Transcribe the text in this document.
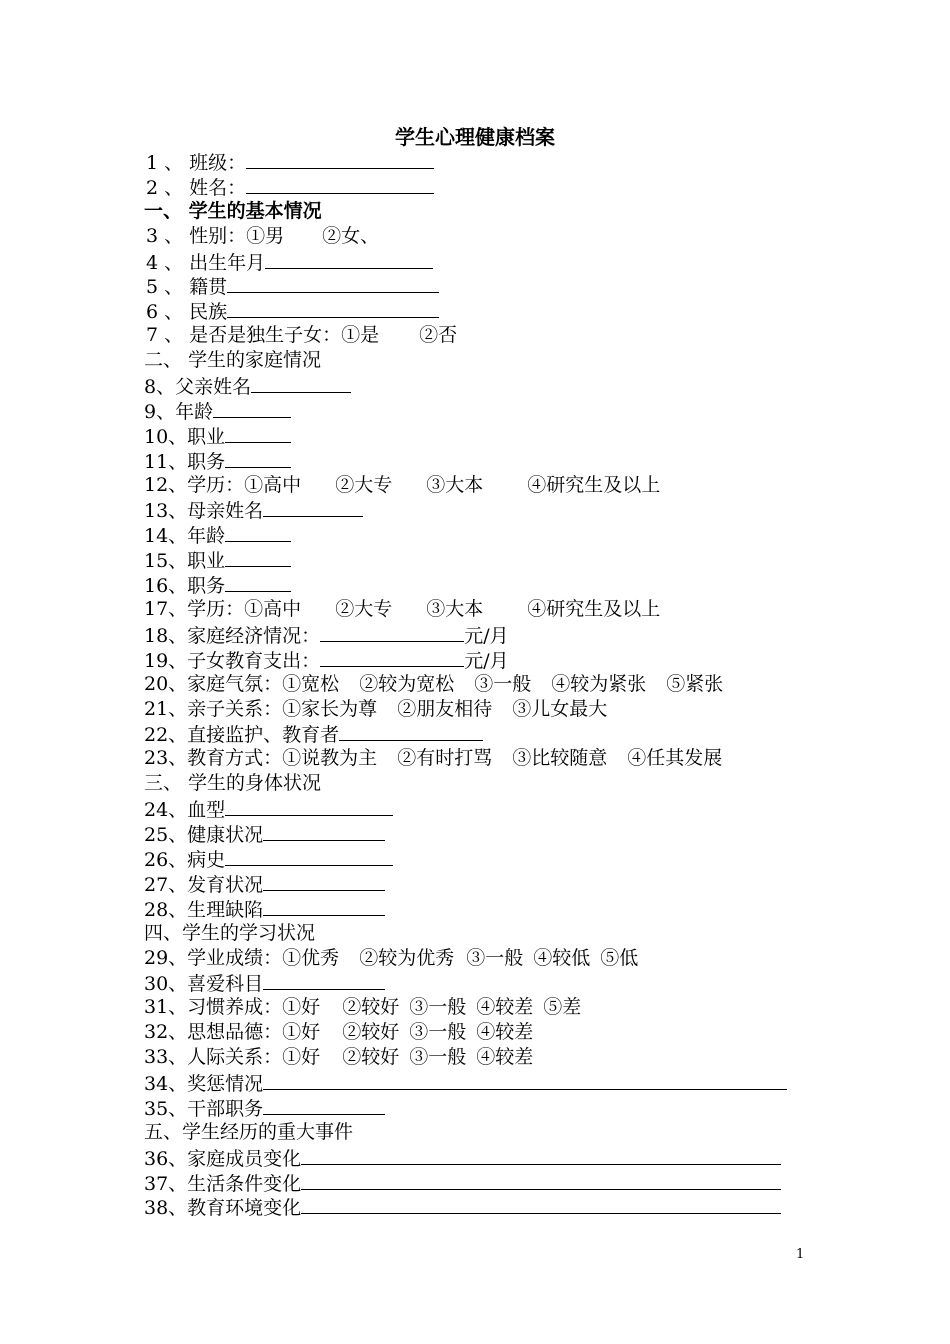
学生心理健康档案
1 、 班级：
2 、 姓名：
一、 学生的基本情况
3 、 性别：①男 ②女、
4 、 出生年月
5 、 籍贯
6 、 民族
7 、 是否是独生子女：①是 ②否
二、 学生的家庭情况
8、父亲姓名
9、年龄
10、职业
11、职务
12、学历：①高中 ②大专 ③大本 ④研究生及以上
13、母亲姓名
14、年龄
15、职业
16、职务
17、学历：①高中 ②大专 ③大本 ④研究生及以上
18、家庭经济情况：	元/月
19、子女教育支出：	元/月
20、家庭气氛：①宽松 ②较为宽松 ③一般 ④较为紧张 ⑤紧张
21、亲子关系：①家长为尊 ②朋友相待 ③儿女最大
22、直接监护、教育者
23、教育方式：①说教为主 ②有时打骂 ③比较随意 ④任其发展
三、 学生的身体状况
24、血型
25、健康状况
26、病史
27、发育状况
28、生理缺陷
四、学生的学习状况
29、学业成绩：①优秀 ②较为优秀 ③一般 ④较低 ⑤低
30、喜爱科目
31、习惯养成：①好 ②较好 ③一般 ④较差 ⑤差
32、思想品德：①好 ②较好 ③一般 ④较差
33、人际关系：①好 ②较好 ③一般 ④较差
34、奖惩情况
35、干部职务
五、学生经历的重大事件
36、家庭成员变化
37、生活条件变化
38、教育环境变化
1
